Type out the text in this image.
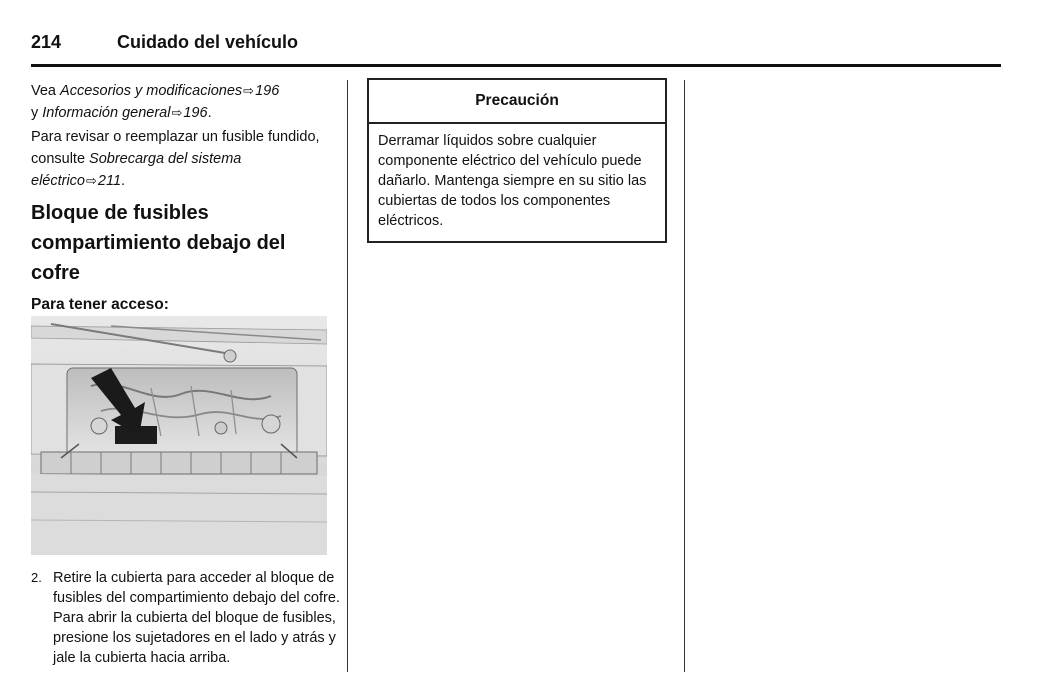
214	Cuidado del vehículo

Vea Accesorios y modificaciones⇨196
y Información general⇨196.

Para revisar o reemplazar un fusible fundido, consulte Sobrecarga del sistema eléctrico⇨211.

Bloque de fusibles
compartimiento debajo del cofre
Para tener acceso:

2. Retire la cubierta para acceder al bloque de fusibles del compartimiento debajo del cofre. Para abrir la cubierta del bloque de fusibles, presione los sujetadores en el lado y atrás y jale la cubierta hacia arriba.

Precaución
Derramar líquidos sobre cualquier componente eléctrico del vehículo puede dañarlo. Mantenga siempre en su sitio las cubiertas de todos los componentes eléctricos.
